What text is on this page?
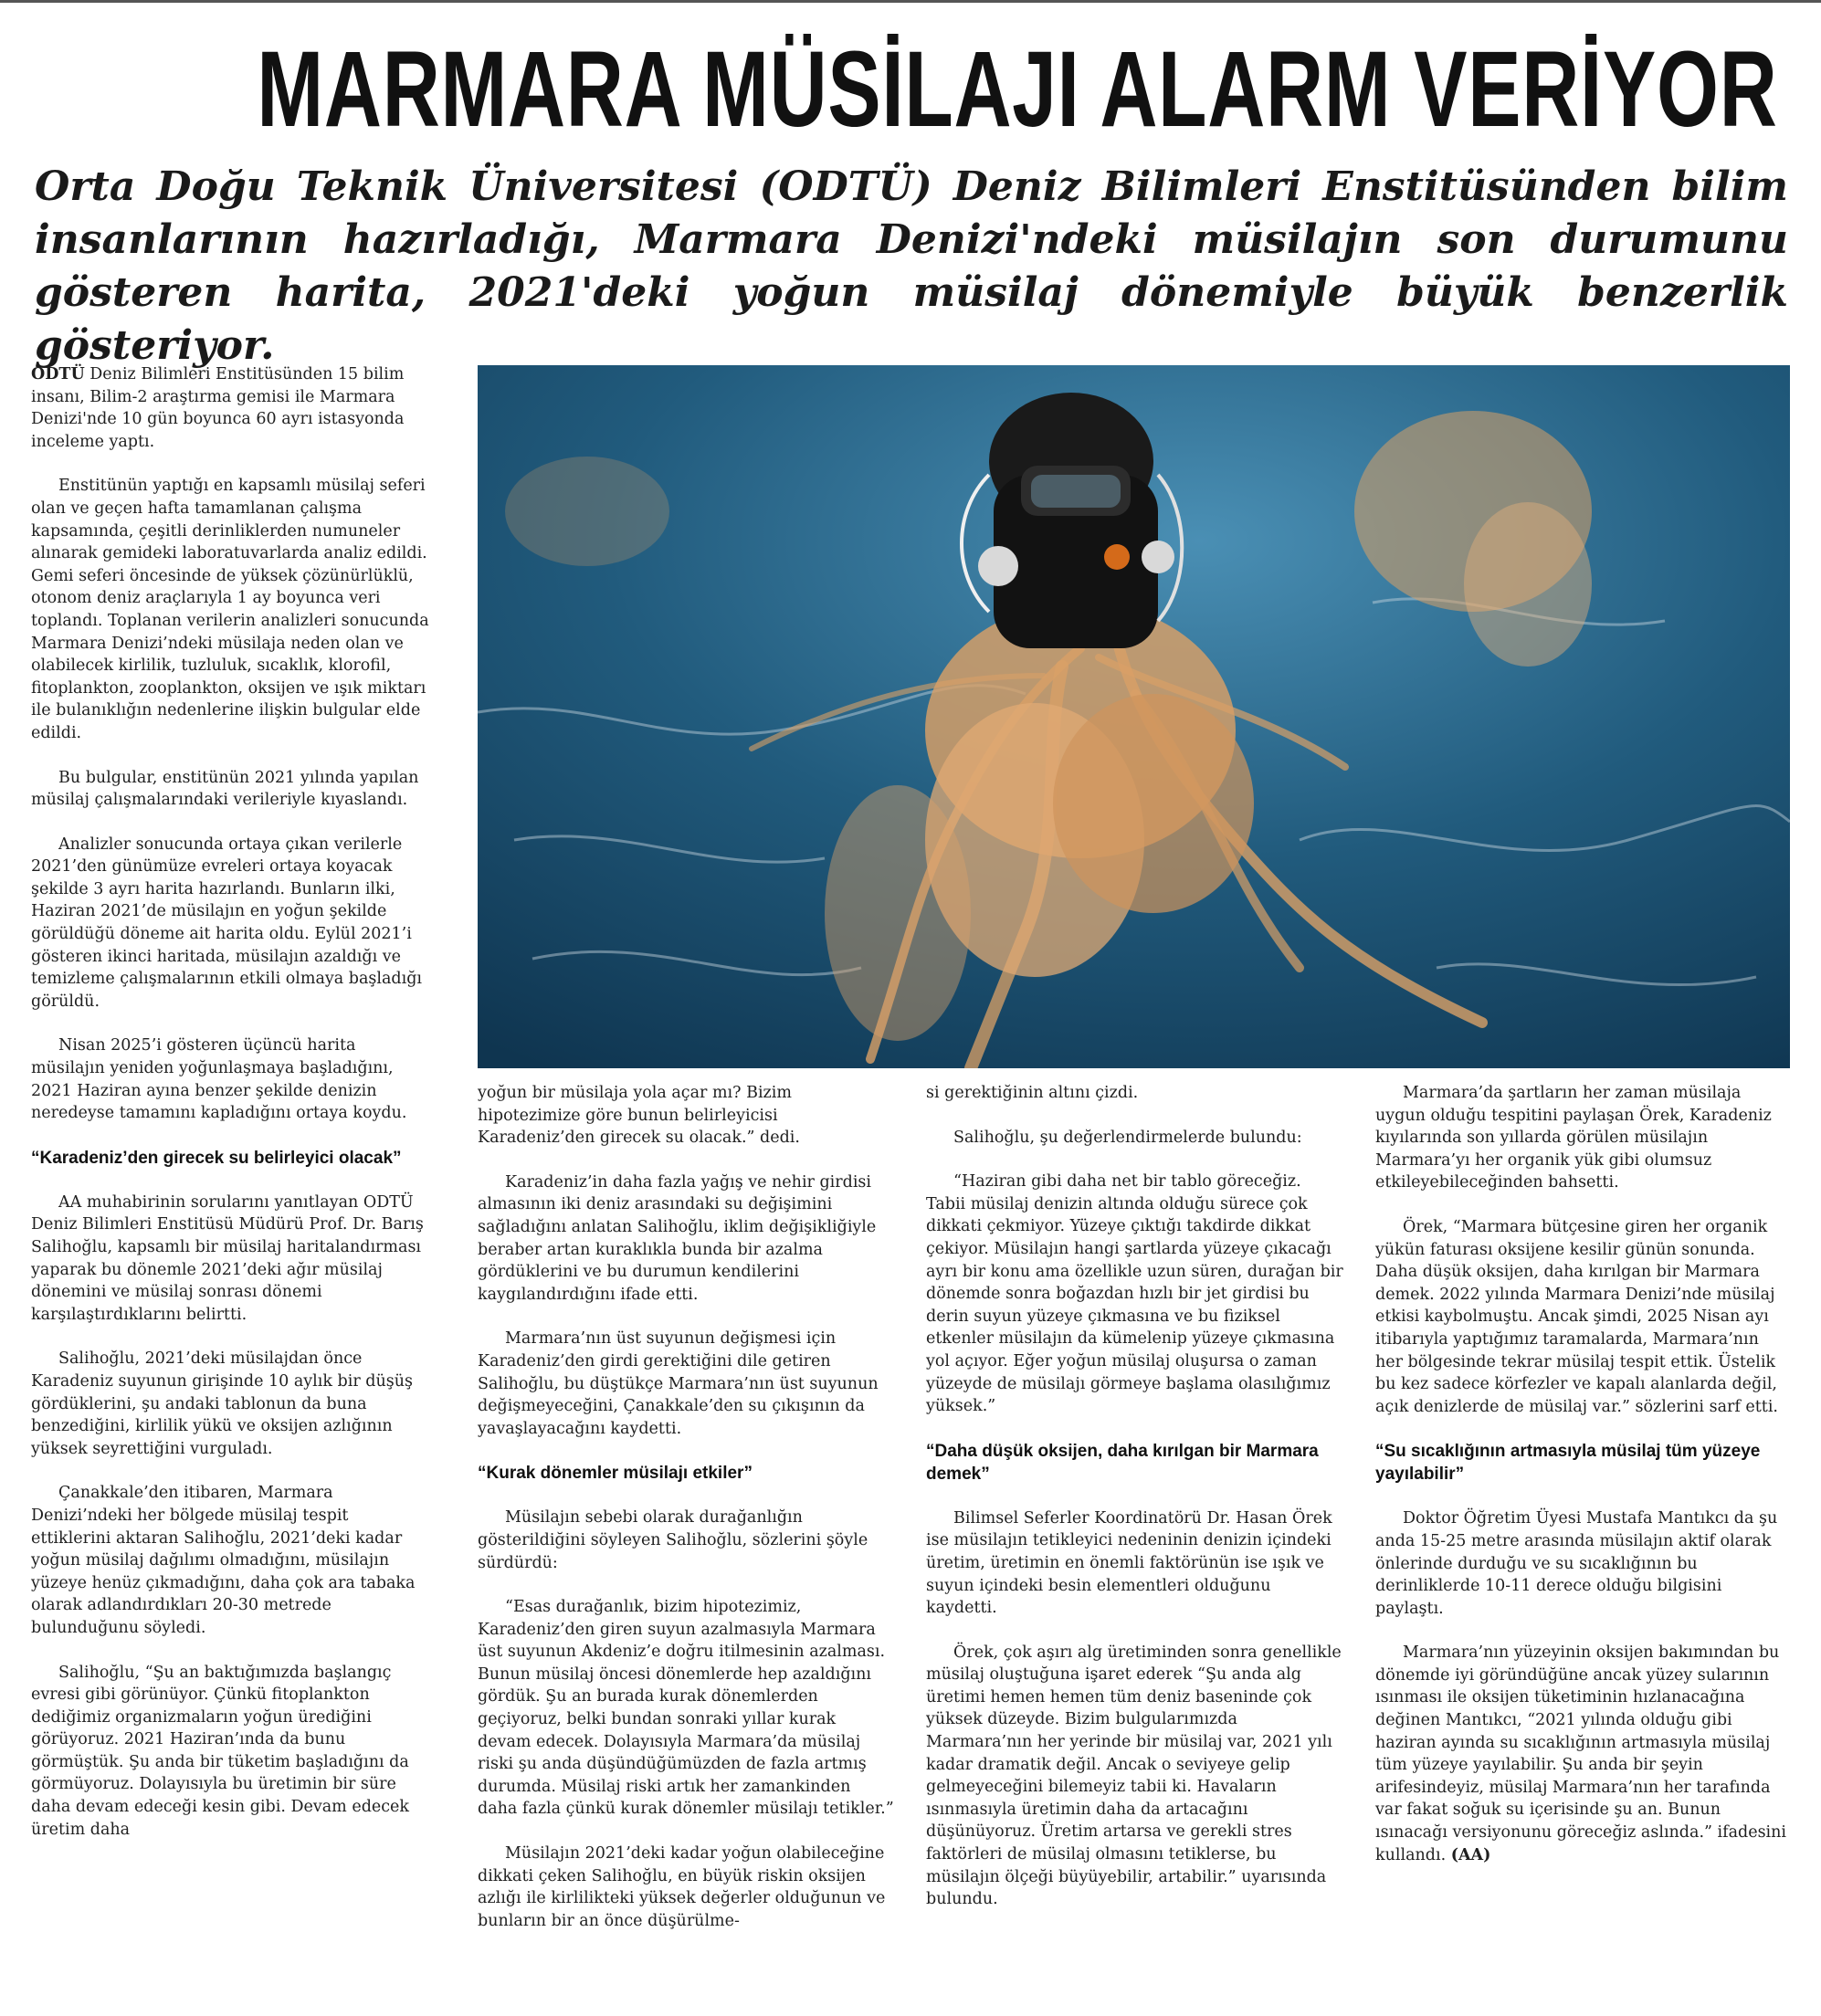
MARMARA MÜSİLAJI ALARM VERİYOR

Orta Doğu Teknik Üniversitesi (ODTÜ) Deniz Bilimleri Enstitüsünden bilim insanlarının hazırladığı, Marmara Denizi'ndeki müsilajın son durumunu gösteren harita, 2021'deki yoğun müsilaj dönemiyle büyük benzerlik gösteriyor.

ODTÜ Deniz Bilimleri Enstitüsünden 15 bilim insanı, Bilim-2 araştırma gemisi ile Marmara Denizi'nde 10 gün boyunca 60 ayrı istasyonda inceleme yaptı.

Enstitünün yaptığı en kapsamlı müsilaj seferi olan ve geçen hafta tamamlanan çalışma kapsamında, çeşitli derinliklerden numuneler alınarak gemideki laboratuvarlarda analiz edildi. Gemi seferi öncesinde de yüksek çözünürlüklü, otonom deniz araçlarıyla 1 ay boyunca veri toplandı. Toplanan verilerin analizleri sonucunda Marmara Denizi’ndeki müsilaja neden olan ve olabilecek kirlilik, tuzluluk, sıcaklık, klorofil, fitoplankton, zooplankton, oksijen ve ışık miktarı ile bulanıklığın nedenlerine ilişkin bulgular elde edildi.

Bu bulgular, enstitünün 2021 yılında yapılan müsilaj çalışmalarındaki verileriyle kıyaslandı.

Analizler sonucunda ortaya çıkan verilerle 2021’den günümüze evreleri ortaya koyacak şekilde 3 ayrı harita hazırlandı. Bunların ilki, Haziran 2021’de müsilajın en yoğun şekilde görüldüğü döneme ait harita oldu. Eylül 2021’i gösteren ikinci haritada, müsilajın azaldığı ve temizleme çalışmalarının etkili olmaya başladığı görüldü.

Nisan 2025’i gösteren üçüncü harita müsilajın yeniden yoğunlaşmaya başladığını, 2021 Haziran ayına benzer şekilde denizin neredeyse tamamını kapladığını ortaya koydu.

“Karadeniz’den girecek su belirleyici olacak”

AA muhabirinin sorularını yanıtlayan ODTÜ Deniz Bilimleri Enstitüsü Müdürü Prof. Dr. Barış Salihoğlu, kapsamlı bir müsilaj haritalandırması yaparak bu dönemle 2021’deki ağır müsilaj dönemini ve müsilaj sonrası dönemi karşılaştırdıklarını belirtti.

Salihoğlu, 2021’deki müsilajdan önce Karadeniz suyunun girişinde 10 aylık bir düşüş gördüklerini, şu andaki tablonun da buna benzediğini, kirlilik yükü ve oksijen azlığının yüksek seyrettiğini vurguladı.

Çanakkale’den itibaren, Marmara Denizi’ndeki her bölgede müsilaj tespit ettiklerini aktaran Salihoğlu, 2021’deki kadar yoğun müsilaj dağılımı olmadığını, müsilajın yüzeye henüz çıkmadığını, daha çok ara tabaka olarak adlandırdıkları 20-30 metrede bulunduğunu söyledi.

Salihoğlu, “Şu an baktığımızda başlangıç evresi gibi görünüyor. Çünkü fitoplankton dediğimiz organizmaların yoğun ürediğini görüyoruz. 2021 Haziran’ında da bunu görmüştük. Şu anda bir tüketim başladığını da görmüyoruz. Dolayısıyla bu üretimin bir süre daha devam edeceği kesin gibi. Devam edecek üretim daha

yoğun bir müsilaja yola açar mı? Bizim hipotezimize göre bunun belirleyicisi Karadeniz’den girecek su olacak.” dedi.

Karadeniz’in daha fazla yağış ve nehir girdisi almasının iki deniz arasındaki su değişimini sağladığını anlatan Salihoğlu, iklim değişikliğiyle beraber artan kuraklıkla bunda bir azalma gördüklerini ve bu durumun kendilerini kaygılandırdığını ifade etti.

Marmara’nın üst suyunun değişmesi için Karadeniz’den girdi gerektiğini dile getiren Salihoğlu, bu düştükçe Marmara’nın üst suyunun değişmeyeceğini, Çanakkale’den su çıkışının da yavaşlayacağını kaydetti.

“Kurak dönemler müsilajı etkiler”

Müsilajın sebebi olarak durağanlığın gösterildiğini söyleyen Salihoğlu, sözlerini şöyle sürdürdü:

“Esas durağanlık, bizim hipotezimiz, Karadeniz’den giren suyun azalmasıyla Marmara üst suyunun Akdeniz’e doğru itilmesinin azalması. Bunun müsilaj öncesi dönemlerde hep azaldığını gördük. Şu an burada kurak dönemlerden geçiyoruz, belki bundan sonraki yıllar kurak devam edecek. Dolayısıyla Marmara’da müsilaj riski şu anda düşündüğümüzden de fazla artmış durumda. Müsilaj riski artık her zamankinden daha fazla çünkü kurak dönemler müsilajı tetikler.”

Müsilajın 2021’deki kadar yoğun olabileceğine dikkati çeken Salihoğlu, en büyük riskin oksijen azlığı ile kirlilikteki yüksek değerler olduğunun ve bunların bir an önce düşürülme-

si gerektiğinin altını çizdi.

Salihoğlu, şu değerlendirmelerde bulundu:

“Haziran gibi daha net bir tablo göreceğiz. Tabii müsilaj denizin altında olduğu sürece çok dikkati çekmiyor. Yüzeye çıktığı takdirde dikkat çekiyor. Müsilajın hangi şartlarda yüzeye çıkacağı ayrı bir konu ama özellikle uzun süren, durağan bir dönemde sonra boğazdan hızlı bir jet girdisi bu derin suyun yüzeye çıkmasına ve bu fiziksel etkenler müsilajın da kümelenip yüzeye çıkmasına yol açıyor. Eğer yoğun müsilaj oluşursa o zaman yüzeyde de müsilajı görmeye başlama olasılığımız yüksek.”

“Daha düşük oksijen, daha kırılgan bir Marmara demek”

Bilimsel Seferler Koordinatörü Dr. Hasan Örek ise müsilajın tetikleyici nedeninin denizin içindeki üretim, üretimin en önemli faktörünün ise ışık ve suyun içindeki besin elementleri olduğunu kaydetti.

Örek, çok aşırı alg üretiminden sonra genellikle müsilaj oluştuğuna işaret ederek “Şu anda alg üretimi hemen hemen tüm deniz baseninde çok yüksek düzeyde. Bizim bulgularımızda Marmara’nın her yerinde bir müsilaj var, 2021 yılı kadar dramatik değil. Ancak o seviyeye gelip gelmeyeceğini bilemeyiz tabii ki. Havaların ısınmasıyla üretimin daha da artacağını düşünüyoruz. Üretim artarsa ve gerekli stres faktörleri de müsilaj olmasını tetiklerse, bu müsilajın ölçeği büyüyebilir, artabilir.” uyarısında bulundu.

Marmara’da şartların her zaman müsilaja uygun olduğu tespitini paylaşan Örek, Karadeniz kıyılarında son yıllarda görülen müsilajın Marmara’yı her organik yük gibi olumsuz etkileyebileceğinden bahsetti.

Örek, “Marmara bütçesine giren her organik yükün faturası oksijene kesilir günün sonunda. Daha düşük oksijen, daha kırılgan bir Marmara demek. 2022 yılında Marmara Denizi’nde müsilaj etkisi kaybolmuştu. Ancak şimdi, 2025 Nisan ayı itibarıyla yaptığımız taramalarda, Marmara’nın her bölgesinde tekrar müsilaj tespit ettik. Üstelik bu kez sadece körfezler ve kapalı alanlarda değil, açık denizlerde de müsilaj var.” sözlerini sarf etti.

“Su sıcaklığının artmasıyla müsilaj tüm yüzeye yayılabilir”

Doktor Öğretim Üyesi Mustafa Mantıkcı da şu anda 15-25 metre arasında müsilajın aktif olarak önlerinde durduğu ve su sıcaklığının bu derinliklerde 10-11 derece olduğu bilgisini paylaştı.

Marmara’nın yüzeyinin oksijen bakımından bu dönemde iyi göründüğüne ancak yüzey sularının ısınması ile oksijen tüketiminin hızlanacağına değinen Mantıkcı, “2021 yılında olduğu gibi haziran ayında su sıcaklığının artmasıyla müsilaj tüm yüzeye yayılabilir. Şu anda bir şeyin arifesindeyiz, müsilaj Marmara’nın her tarafında var fakat soğuk su içerisinde şu an. Bunun ısınacağı versiyonunu göreceğiz aslında.” ifadesini kullandı. (AA)
